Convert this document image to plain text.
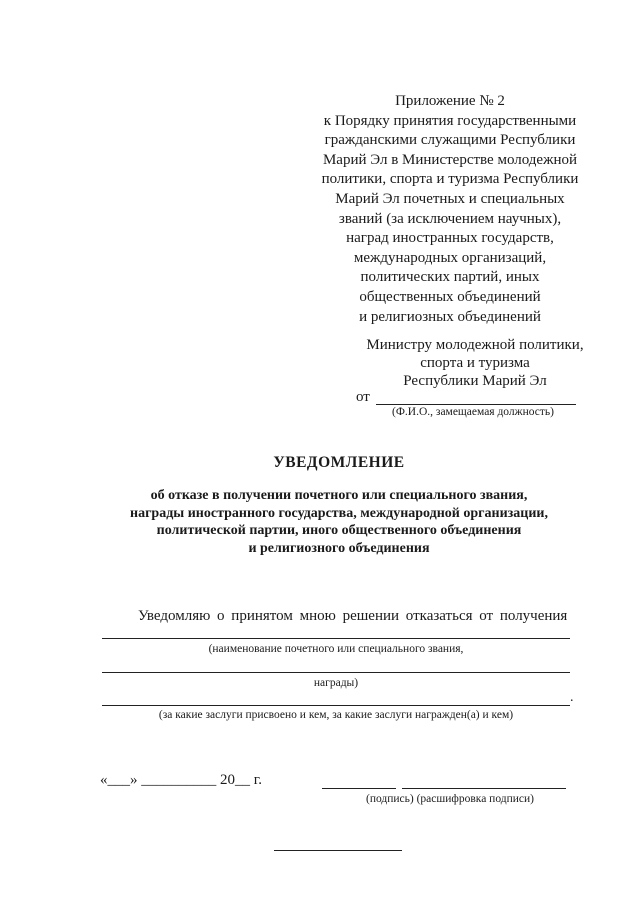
Приложение № 2
к Порядку принятия государственными
гражданскими служащими Республики
Марий Эл в Министерстве молодежной
политики, спорта и туризма Республики
Марий Эл почетных и специальных
званий (за исключением научных),
наград иностранных государств,
международных организаций,
политических партий, иных
общественных объединений
и религиозных объединений
Министру молодежной политики,
спорта и туризма
Республики Марий Эл
от
(Ф.И.О., замещаемая должность)
УВЕДОМЛЕНИЕ
об отказе в получении почетного или специального звания,
награды иностранного государства, международной организации,
политической партии, иного общественного объединения
и религиозного объединения
Уведомляю о принятом мною решении отказаться от получения
(наименование почетного или специального звания,
награды)
.
(за какие заслуги присвоено и кем, за какие заслуги награжден(а) и кем)
«___» __________ 20__ г.
(подпись) (расшифровка подписи)
